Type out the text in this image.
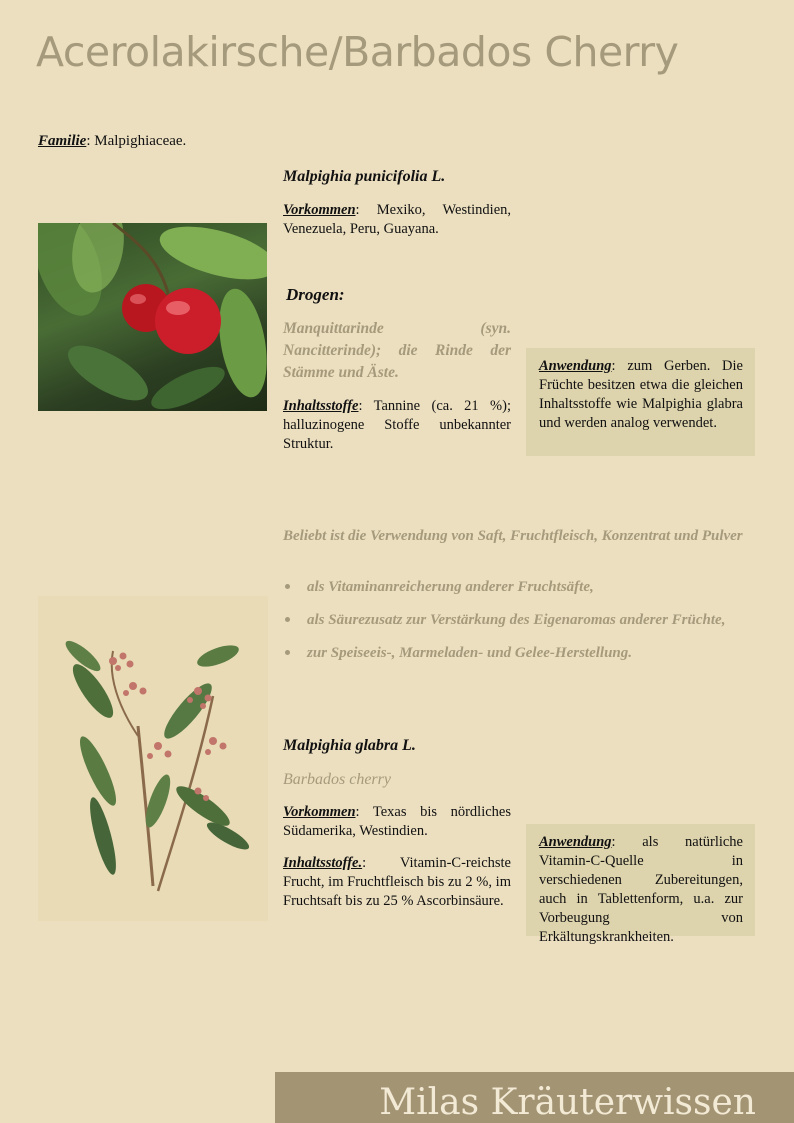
Acerolakirsche/Barbados Cherry
Familie: Malpighiaceae.
Malpighia punicifolia L.
Vorkommen: Mexiko, Westindien, Venezuela, Peru, Guayana.
Drogen:
Manquittarinde (syn. Nancitterinde); die Rinde der Stämme und Äste.
Inhaltsstoffe: Tannine (ca. 21 %); halluzinogene Stoffe unbekannter Struktur.
Anwendung: zum Gerben. Die Früchte besitzen etwa die gleichen Inhaltsstoffe wie Malpighia glabra und werden analog verwendet.
Beliebt ist die Verwendung von Saft, Fruchtfleisch, Konzentrat und Pulver
als Vitaminanreicherung anderer Fruchtsäfte,
als Säurezusatz zur Verstärkung des Eigenaromas anderer Früchte,
zur Speiseeis-, Marmeladen- und Gelee-Herstellung.
Malpighia glabra L.
Barbados cherry
Vorkommen: Texas bis nördliches Südamerika, Westindien.
Inhaltsstoffe.: Vitamin-C-reichste Frucht, im Fruchtfleisch bis zu 2 %, im Fruchtsaft bis zu 25 % Ascorbinsäure.
Anwendung: als natürliche Vitamin-C-Quelle in verschiedenen Zubereitungen, auch in Tablettenform, u.a. zur Vorbeugung von Erkältungskrankheiten.
Milas Kräuterwissen
